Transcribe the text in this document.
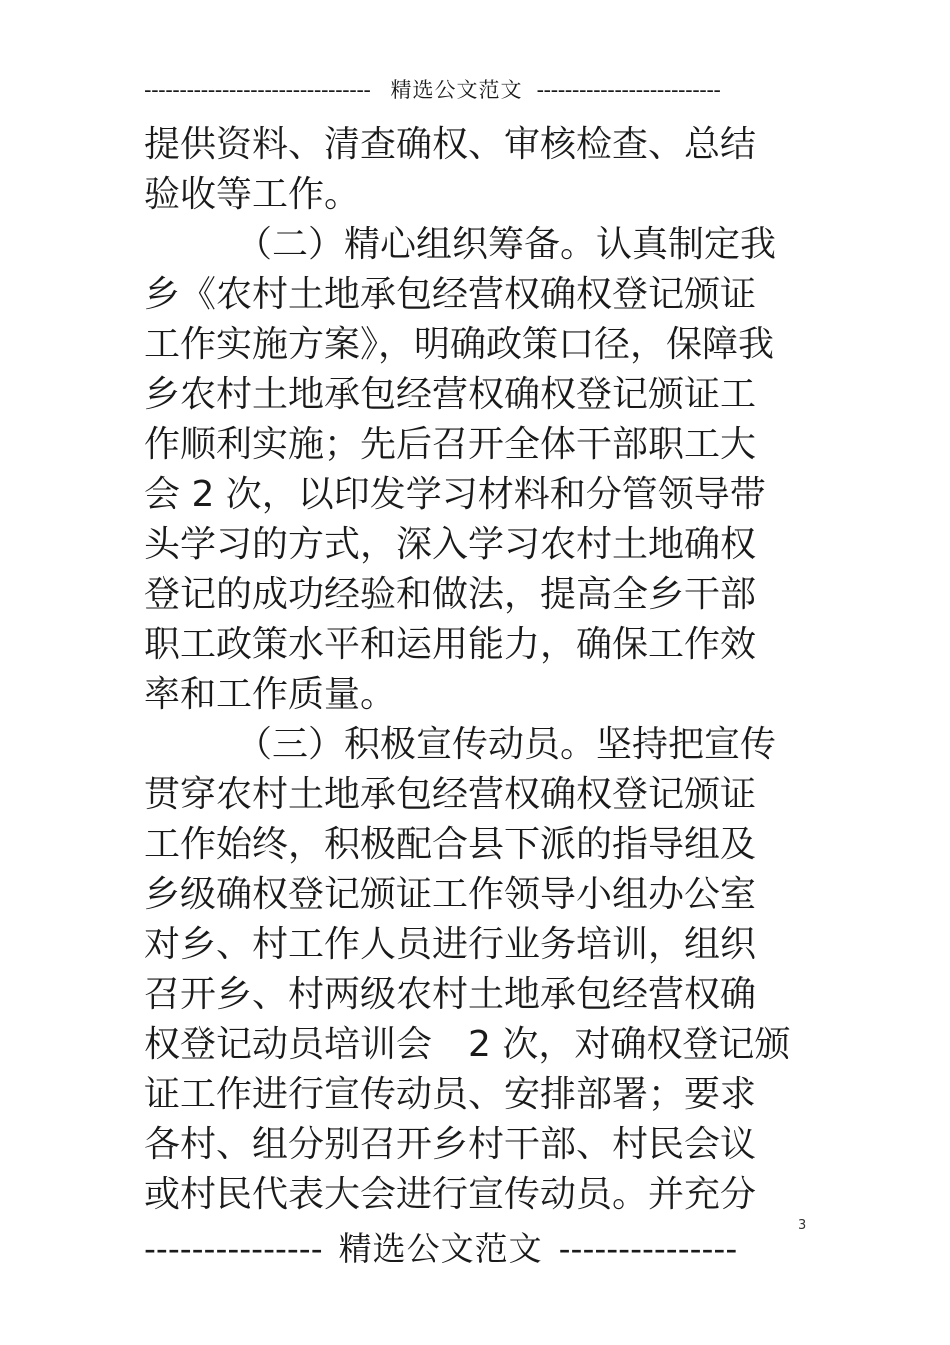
-------------------------------- 精选公文范文 --------------------------
提供资料、清查确权、审核检查、总结
验收等工作。
（二）精心组织筹备。认真制定我
乡《农村土地承包经营权确权登记颁证
工作实施方案》，明确政策口径，保障我
乡农村土地承包经营权确权登记颁证工
作顺利实施；先后召开全体干部职工大
会 2 次，以印发学习材料和分管领导带
头学习的方式，深入学习农村土地确权
登记的成功经验和做法，提高全乡干部
职工政策水平和运用能力，确保工作效
率和工作质量。
（三）积极宣传动员。坚持把宣传
贯穿农村土地承包经营权确权登记颁证
工作始终，积极配合县下派的指导组及
乡级确权登记颁证工作领导小组办公室
对乡、村工作人员进行业务培训，组织
召开乡、村两级农村土地承包经营权确
权登记动员培训会　2 次，对确权登记颁
证工作进行宣传动员、安排部署；要求
各村、组分别召开乡村干部、村民会议
或村民代表大会进行宣传动员。并充分
3
--------------- 精选公文范文 ---------------
